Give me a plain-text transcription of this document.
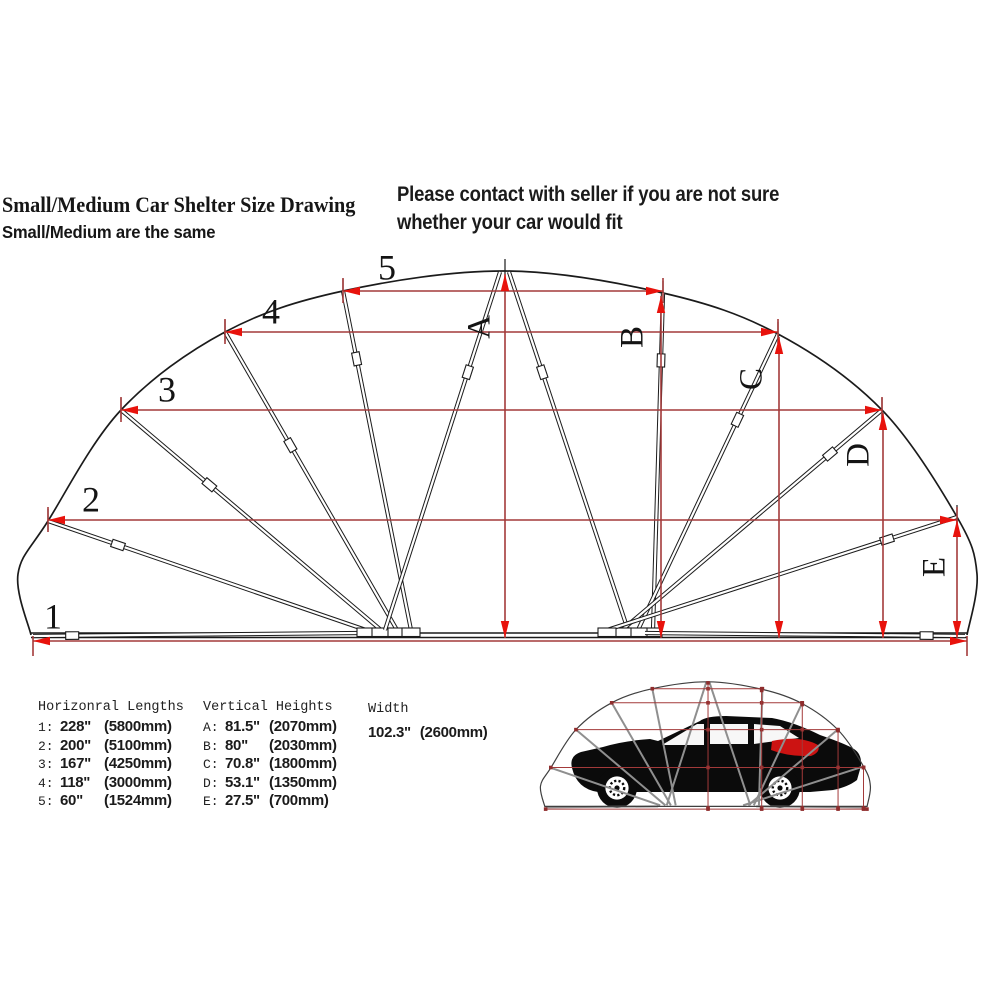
1
2
3
4
5
A	B
C
D
E
Small/Medium Car Shelter Size Drawing
Small/Medium are the same
Please contact with seller if you are not sure
whether your car would fit
Horizonral Lengths
1: 228" (5800mm)
2: 200" (5100mm)
3: 167" (4250mm)
4: 118" (3000mm)
5: 60"	(1524mm)
Vertical Heights
A: 81.5" (2070mm)
B: 80"	(2030mm)
C: 70.8" (1800mm)
D: 53.1" (1350mm)
E: 27.5" (700mm)
Width
102.3" (2600mm)
